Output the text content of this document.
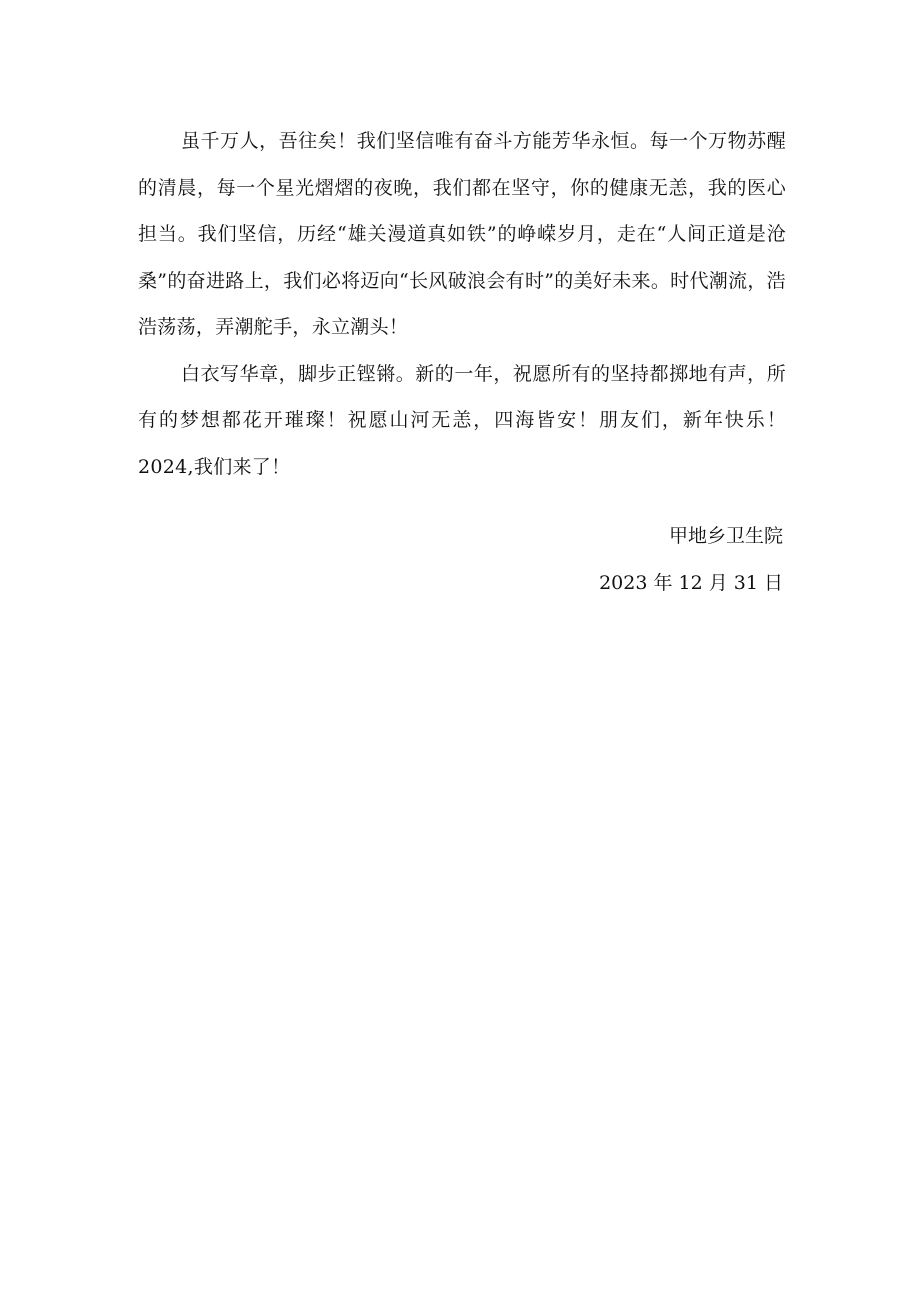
虽千万人，吾往矣！我们坚信唯有奋斗方能芳华永恒。每一个万物苏醒的清晨，每一个星光熠熠的夜晚，我们都在坚守，你的健康无恙，我的医心担当。我们坚信，历经“雄关漫道真如铁”的峥嵘岁月，走在“人间正道是沧桑”的奋进路上，我们必将迈向“长风破浪会有时”的美好未来。时代潮流，浩浩荡荡，弄潮舵手，永立潮头！

白衣写华章，脚步正铿锵。新的一年，祝愿所有的坚持都掷地有声，所有的梦想都花开璀璨！祝愿山河无恙，四海皆安！朋友们，新年快乐！2024,我们来了！

甲地乡卫生院

2023 年 12 月 31 日
